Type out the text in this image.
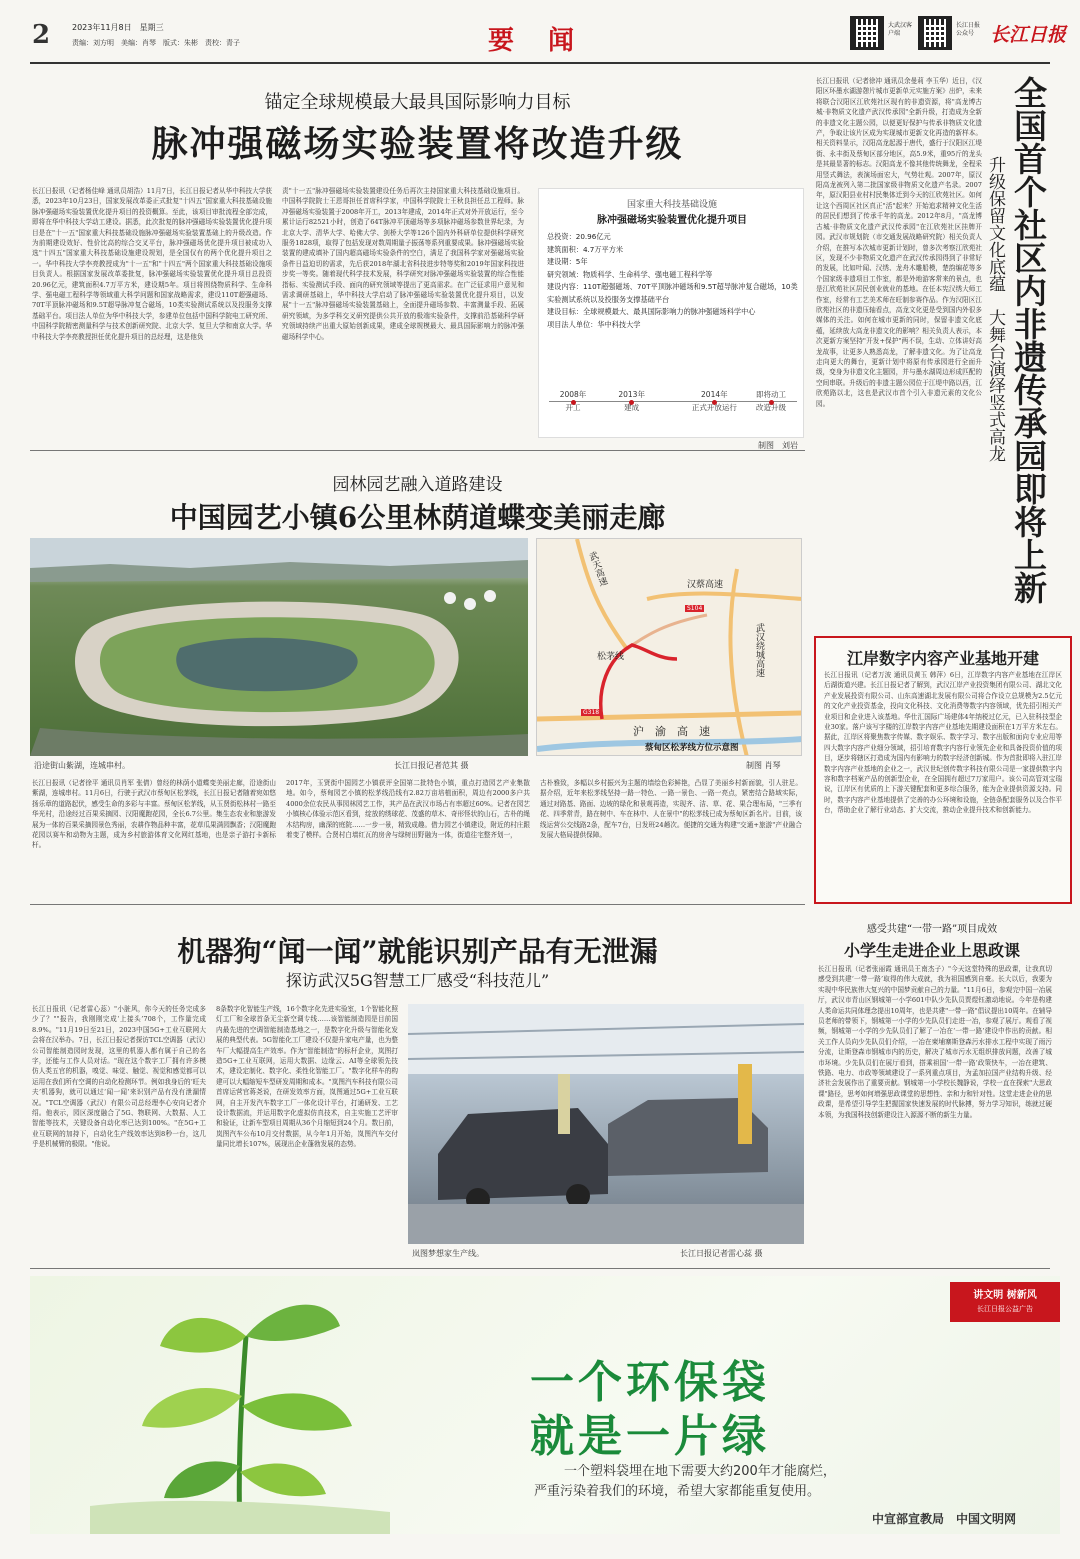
2	2023年11月8日　星期三
责编：刘方明　美编：肖琴　版式：朱彬　责校：青子	要　闻
大武汉客户端
长江日报公众号 长江日报
锚定全球规模最大最具国际影响力目标
脉冲强磁场实验装置将改造升级
长江日报讯（记者杨佳峰 通讯员胡浩）11月7日，长江日报记者从华中科技大学获悉，2023年10月23日，国家发展改革委正式批复"十四五"国家重大科技基础设施脉冲强磁场实验装置优化提升项目的投资概算。至此，该项目审批流程全部完成，即将在华中科技大学动工建设。据悉，此次批复的脉冲强磁场实验装置优化提升项目是在"十一五"国家重大科技基础设施脉冲强磁场实验装置基础上的升级改造。作为前期建设效好、性价比高的综合交叉平台，脉冲强磁场优化提升项目被成功入选"十四五"国家重大科技基础设施建设规划，是全国仅有的两个优化提升项目之一。华中科技大学李亮教授成为"十一五"和"十四五"两个国家重大科技基础设施项目负责人。根据国家发展改革委批复，脉冲强磁场实验装置优化提升项目总投资20.96亿元，建筑面积4.7万平方米，建设期5年。项目将围绕物质科学、生命科学、强电磁工程科学等领域重大科学问题和国家战略需求，建设110T超强磁场、70T平顶脉冲磁场和9.5T超导脉冲复合磁场，10类实验测试系统以及投服务支撑基础平台。项目法人单位为华中科技大学，参建单位包括中国科学院电工研究所、中国科学院精密测量科学与技术创新研究院、北京大学、复旦大学和南京大学。华中科技大学李亮教授担任优化提升项目的总经理，这是他负
责"十一五"脉冲强磁场实验装置建设任务后再次主持国家重大科技基础设施项目。中国科学院院士王恩哥担任首席科学家，中国科学院院士王秋良担任总工程师。脉冲强磁场实验装置于2008年开工，2013年建成，2014年正式对外开放运行，至今累计运行82521小时，创造了64T脉冲平顶磁场等多项脉冲磁场参数世界纪录，为北京大学、清华大学、哈佛大学、剑桥大学等126个国内外科研单位提供科学研究服务1828项，取得了包括发现对数周期量子振荡等系列重要成果。脉冲强磁场实验装置的建成填补了国内超高磁场实验条件的空白，满足了我国科学家对强磁场实验条件日益迫切的需求，先后获2018年湖北省科技进步特等奖和2019年国家科技进步奖一等奖。随着现代科学技术发展，科学研究对脉冲强磁场实验装置的综合性能指标、实验测试手段、面向的研究领域等提出了更高需求。在广泛征求用户意见和需求调研基础上，华中科技大学启动了脉冲强磁场实验装置优化提升项目，以发展"十一五"脉冲强磁场实验装置基础上，全面提升磁场参数、丰富测量手段、拓展研究领域，为多学科交叉研究提供公共开放的极端实验条件，支撑前沿基础科学研究领域持续产出重大原始创新成果，建成全球规模最大、最具国际影响力的脉冲强磁场科学中心。
国家重大科技基础设施
脉冲强磁场实验装置优化提升项目
总投资：20.96亿元
建筑面积：4.7万平方米
建设期：5年
研究领域：物质科学、生命科学、强电磁工程科学等
建设内容：110T超强磁场、70T平顶脉冲磁场和9.5T超导脉冲复合磁场，10类实验测试系统以及投服务支撑基础平台
建设目标：全球规模最大、最具国际影响力的脉冲强磁场科学中心
项目法人单位：华中科技大学
2008年
开工
2013年
建成
2014年
正式开放运行
即将动工
改造升级
制图　刘岩
园林园艺融入道路建设
中国园艺小镇6公里林荫道蝶变美丽走廊
沿途街山紫湖，连城串村。	长江日报记者范其 摄
武天高速	汉蔡高速
武汉绕城高速
松茅线
沪　渝　高　速
S104
G318
蔡甸区松茅线方位示意图
制图 肖琴
长江日报讯（记者徐平 通讯员肖军 张倩）曾经的林荫小道蝶变美丽走廊，沿途街山紫湖，连城串村。11月6日，行驶于武汉市蔡甸区松茅线，长江日报记者随着宛如悠扬乐章的道路起伏，感受生命的多彩与丰富。蔡甸区松茅线，从玉贤街松林村一路至华光村，沿途经过百果采摘园、汉阳魔跑花园，全长6.7公里。集生态农业和旅游发展为一体的百果采摘园景色秀丽，农耕作物品种丰富，花草瓜果满园飘香；汉阳魔跑花园以赛车和动物为主题，成为乡村旅游体育文化网红基地，也是亲子游打卡新标杆。
2017年，玉贤街中国园艺小镇获评全国第二批特色小镇，重点打造园艺产业集散地。如今，蔡甸园艺小镇的松茅线沿线有2.82万亩培植面积，周边有2000多户共4000余位农民从事园林园艺工作，其产品在武汉市场占有率超过60%。记者在园艺小镇核心体验示范区看到，绽放的绣球花、茂盛的草木、奇形怪状的山石，古朴的绳木结构房，幽深的庭院……一步一景，精致成趣。借力园艺小镇建设，附近的村庄跟着变了模样。合贤村白墙红瓦的房舍与绿树田野融为一体，街道往宅整齐划一，
古朴雅致，多幅以乡村振兴为主题的墙绘色彩鲜艳，凸显了美丽乡村新面貌，引人驻足。据介绍，近年来松茅线坚持一路一特色、一路一景色、一路一亮点，紧密结合路域实际，通过对路基、路面、边坡的绿化和景观再造，实现齐、洁、草、花、果合理布局，"三季有花、四季常青，路在树中、车在林中、人在景中"的松茅线已成为蔡甸区新名片。目前，该线运营公交线路2条，配车7台，日发班24趟次。便捷的交通为构建"交通+旅游"产业融合发展大格局提供保障。
长江日报讯（记者徐冲 通讯员余曼莉 李玉华）近日，《汉阳区环墨水湖游憩片城市更新单元实施方案》出炉，未来将联合汉阳区江欣苑社区现有的非遗资源，将"高龙博古城·非物质文化遗产武汉传承园"全新升级，打造成为全新的非遗文化主题公园，以便更好保护与传承非物质文化遗产，争取让该片区成为实现城市更新文化再造的新样本。相关资料显示，汉阳高龙起源于唐代，盛行于汉阳区江堤街、永丰街及蔡甸区部分地区，高5.9米，重95斤的龙头是其最显著的标志。汉阳高龙不像其他传统舞龙，全程采用竖式舞法，表演场面宏大，气势壮观。2007年，原汉阳高龙被列入第二批国家级非物质文化遗产名录。2007年，原汉阳县业村村民集体迁到今天的江欣苑社区。如何让这个西周区社区真正"活"起来？开始追求精神文化生活的居民们想到了传承千年的高龙。2012年8月，"高龙博古城·非物质文化遗产武汉传承园"在江欣苑社区挂牌开园。武汉市规划院（市交通发展战略研究院）相关负责人介绍，在推写本次城市更新计划时，曾多次考察江欣苑社区，发现不少非物质文化遗产在武汉传承园得到了非常好的发展，比如叶闻、汉绣、龙舟木雕船模，楚韵编花等多个国家级非遗项目工作室，都是外地游客常来的景点，也是江欣苑社区居民创业就业的基地。在任本宪汉绣大师工作室，经常有工艺美术师在旺制参赛作品。作为汉阳区江欣苑社区的非遗压轴看点，高龙文化更是受到国内外很多媒体的关注。如何在城市更新的同时，保留非遗文化底蕴，延续放大高龙非遗文化的影响？相关负责人表示，本次更新方案坚持"开发+保护"两不误，生动、立体讲好高龙故事，让更多人熟悉高龙，了解非遗文化。为了让高龙走向更大的舞台，更新计划中将原有传承园进行全面升级，变身为非遗文化主题园，并与墨水湖周边形成匹配的空间串联。升级后的非遗主题公园位于江堤中路以西，江欣苑路以北，这也是武汉市首个引入非遗元素的文化公园。	全国首个社区内非遗传承园即将上新
升级保留文化底蕴　大舞台演绎竖式高龙
江岸数字内容产业基地开建
长江日报讯（记者万波 通讯员黄玉 韩萍）6日，江岸数字内容产业基地在江岸区后湖街道兴建。长江日报记者了解到，武汉江岸产业投资集团有限公司、湖北文化产业发展投资有限公司、山东高速湖北发展有限公司将合作设立总规模为2.5亿元的文化产业投资基金，投向文化科技、文化消费等数字内容领域，优先招引相关产业项目和企业进入该基地。华仕汇国际广场建体4年纳税过亿元，已入驻科技型企业30家。落户该写字楼的江岸数字内容产业基地先期建设面积在1万平方米左右。据此，江岸区将聚焦数字传媒、数字娱乐、数字学习、数字出版和面向专业应用等四大数字内容产业细分领域，招引培育数字内容行业领先企业和具备投资价值的项目，逐步将辖区打造成为国内有影响力的数字经济创新城。作为首批即将入驻江岸数字内容产业基地的企业之一，武汉世纪创传数字科技有限公司是一家提供数字内容和数字档案产品的创新型企业，在全国拥有超过7万家用户。该公司高管刘宝瑞说，江岸区有优质的上下游关键配套和更多综合服务，能为企业提供资源支持。同时，数字内容产业基地提供了完善的办公环境和设施，全链条配套服务以及合作平台，帮助企业了解行业动态、扩大交流，推动企业提升技术和创新能力。
机器狗“闻一闻”就能识别产品有无泄漏
探访武汉5G智慧工厂感受“科技范儿”
长江日报讯（记者雷心蕊）"小脏风，你今天的任务完成多少了？""报告，我刚刚完成‘上接头’708个，工作量完成8.9%。"11月19日至21日，2023中国5G+工业互联网大会将在汉举办。7日，长江日报记者探访TCL空调器（武汉）公司智能制造园时发现，这里的机器人都有属于自己的名字，还能与工作人员对话。"现在这个数字工厂拥有许多模仿人类五官的机器，嗅觉、味觉、触觉、视觉和感觉都可以运用在我们所有空调的自动化检测环节。例如我身后的‘旺夫夫’机器狗，就可以通过‘闻一闻’来识别产品有没有泄漏情况。"TCL空调器（武汉）有限公司总经理李心安向记者介绍。他表示，园区深度融合了5G、物联网、大数据、人工智能等技术，关键设备自动化率已达到100%。"在5G+工业互联网的加持下，自动化生产线效率达到8秒一台，这几乎是机械臂的极限。"他说。
8条数字化智能生产线，16个数字化先进实验室，1个智能化照灯工厂和全球首条无尘新空调专线……该智能制造园是目前国内最先进的空调智能制造基地之一，是数字化升级与智能化发展的典型代表。5G智能化工厂建设不仅提升家电产量，也为整车厂大幅提高生产效率。作为"智能制造"的标杆企业，岚图打造5G+工业互联网，运用大数据、边缘云、AI等全球领先技术，建设定制化、数字化、柔性化智能工厂。"数字化样车的构建可以大幅缩短车型研发周期和成本。"岚图汽车科技有限公司首席运营官蒋尧说，在研发效率方面，岚图通过5G+工业互联网，自主开发汽车数字工厂一体化设计平台，打通研发、工艺设计数据流，并运用数字化虚拟仿真技术，自主实施工艺评审和验证，让新车型项目周期从36个月缩短到24个月。数日前，岚图汽车公布10月交付数据，从今年1月开始，岚图汽车交付量同比增长107%，展现出企业蓬勃发展的态势。
岚图梦想家生产线。	长江日报记者雷心蕊 摄
感受共建“一带一路”项目成效
小学生走进企业上思政课
长江日报讯（记者张丽霞 通讯员王南杰子）"今天这堂特殊的思政课，让我真切感受到共建‘一带一路’取得的伟大成就，我为祖国感到自豪。长大以后，我要为实现中华民族伟大复兴的中国梦贡献自己的力量。"11月6日，参观完中国一冶展厅，武汉市青山区钢城第一小学601中队少先队员贾煜钰激动地说。今年是构建人类命运共同体理念提出10周年，也是共建"一带一路"倡议提出10周年。在辅导员老师的带领下，钢城第一小学的少先队员们走进一冶，参观了展厅。观看了视频，钢城第一小学的少先队员们了解了一冶在‘一带一路’建设中作出的贡献。相关工作人员向少先队员们介绍，一冶在柬埔寨斯登森污水排水工程中实现了雨污分流，让斯登森市钢城市内的历史，解决了城市污水无组织排放问题，改善了城市环境。少先队员们在展厅看到，搭乘祖国‘一带一路’政策快车，一冶在建筑、铁路、电力、市政等领域建设了一系列重点项目，为孟加拉国产业结构升级、经济社会发展作出了重要贡献。钢城第一小学校长魏静说，学校一直在探索"大思政课"路径，思考如何增强思政课堂的思想性、亲和力和针对性。这堂走进企业的思政课，是希望引导学生把握国家快速发展的时代脉搏，努力学习知识，练就过硬本领，为我国科技创新建设注入源源不断的新生力量。
讲文明 树新风
长江日报公益广告
一个环保袋
就是一片绿
一个塑料袋埋在地下需要大约200年才能腐烂，
严重污染着我们的环境，希望大家都能重复使用。
中宣部宣教局　中国文明网
